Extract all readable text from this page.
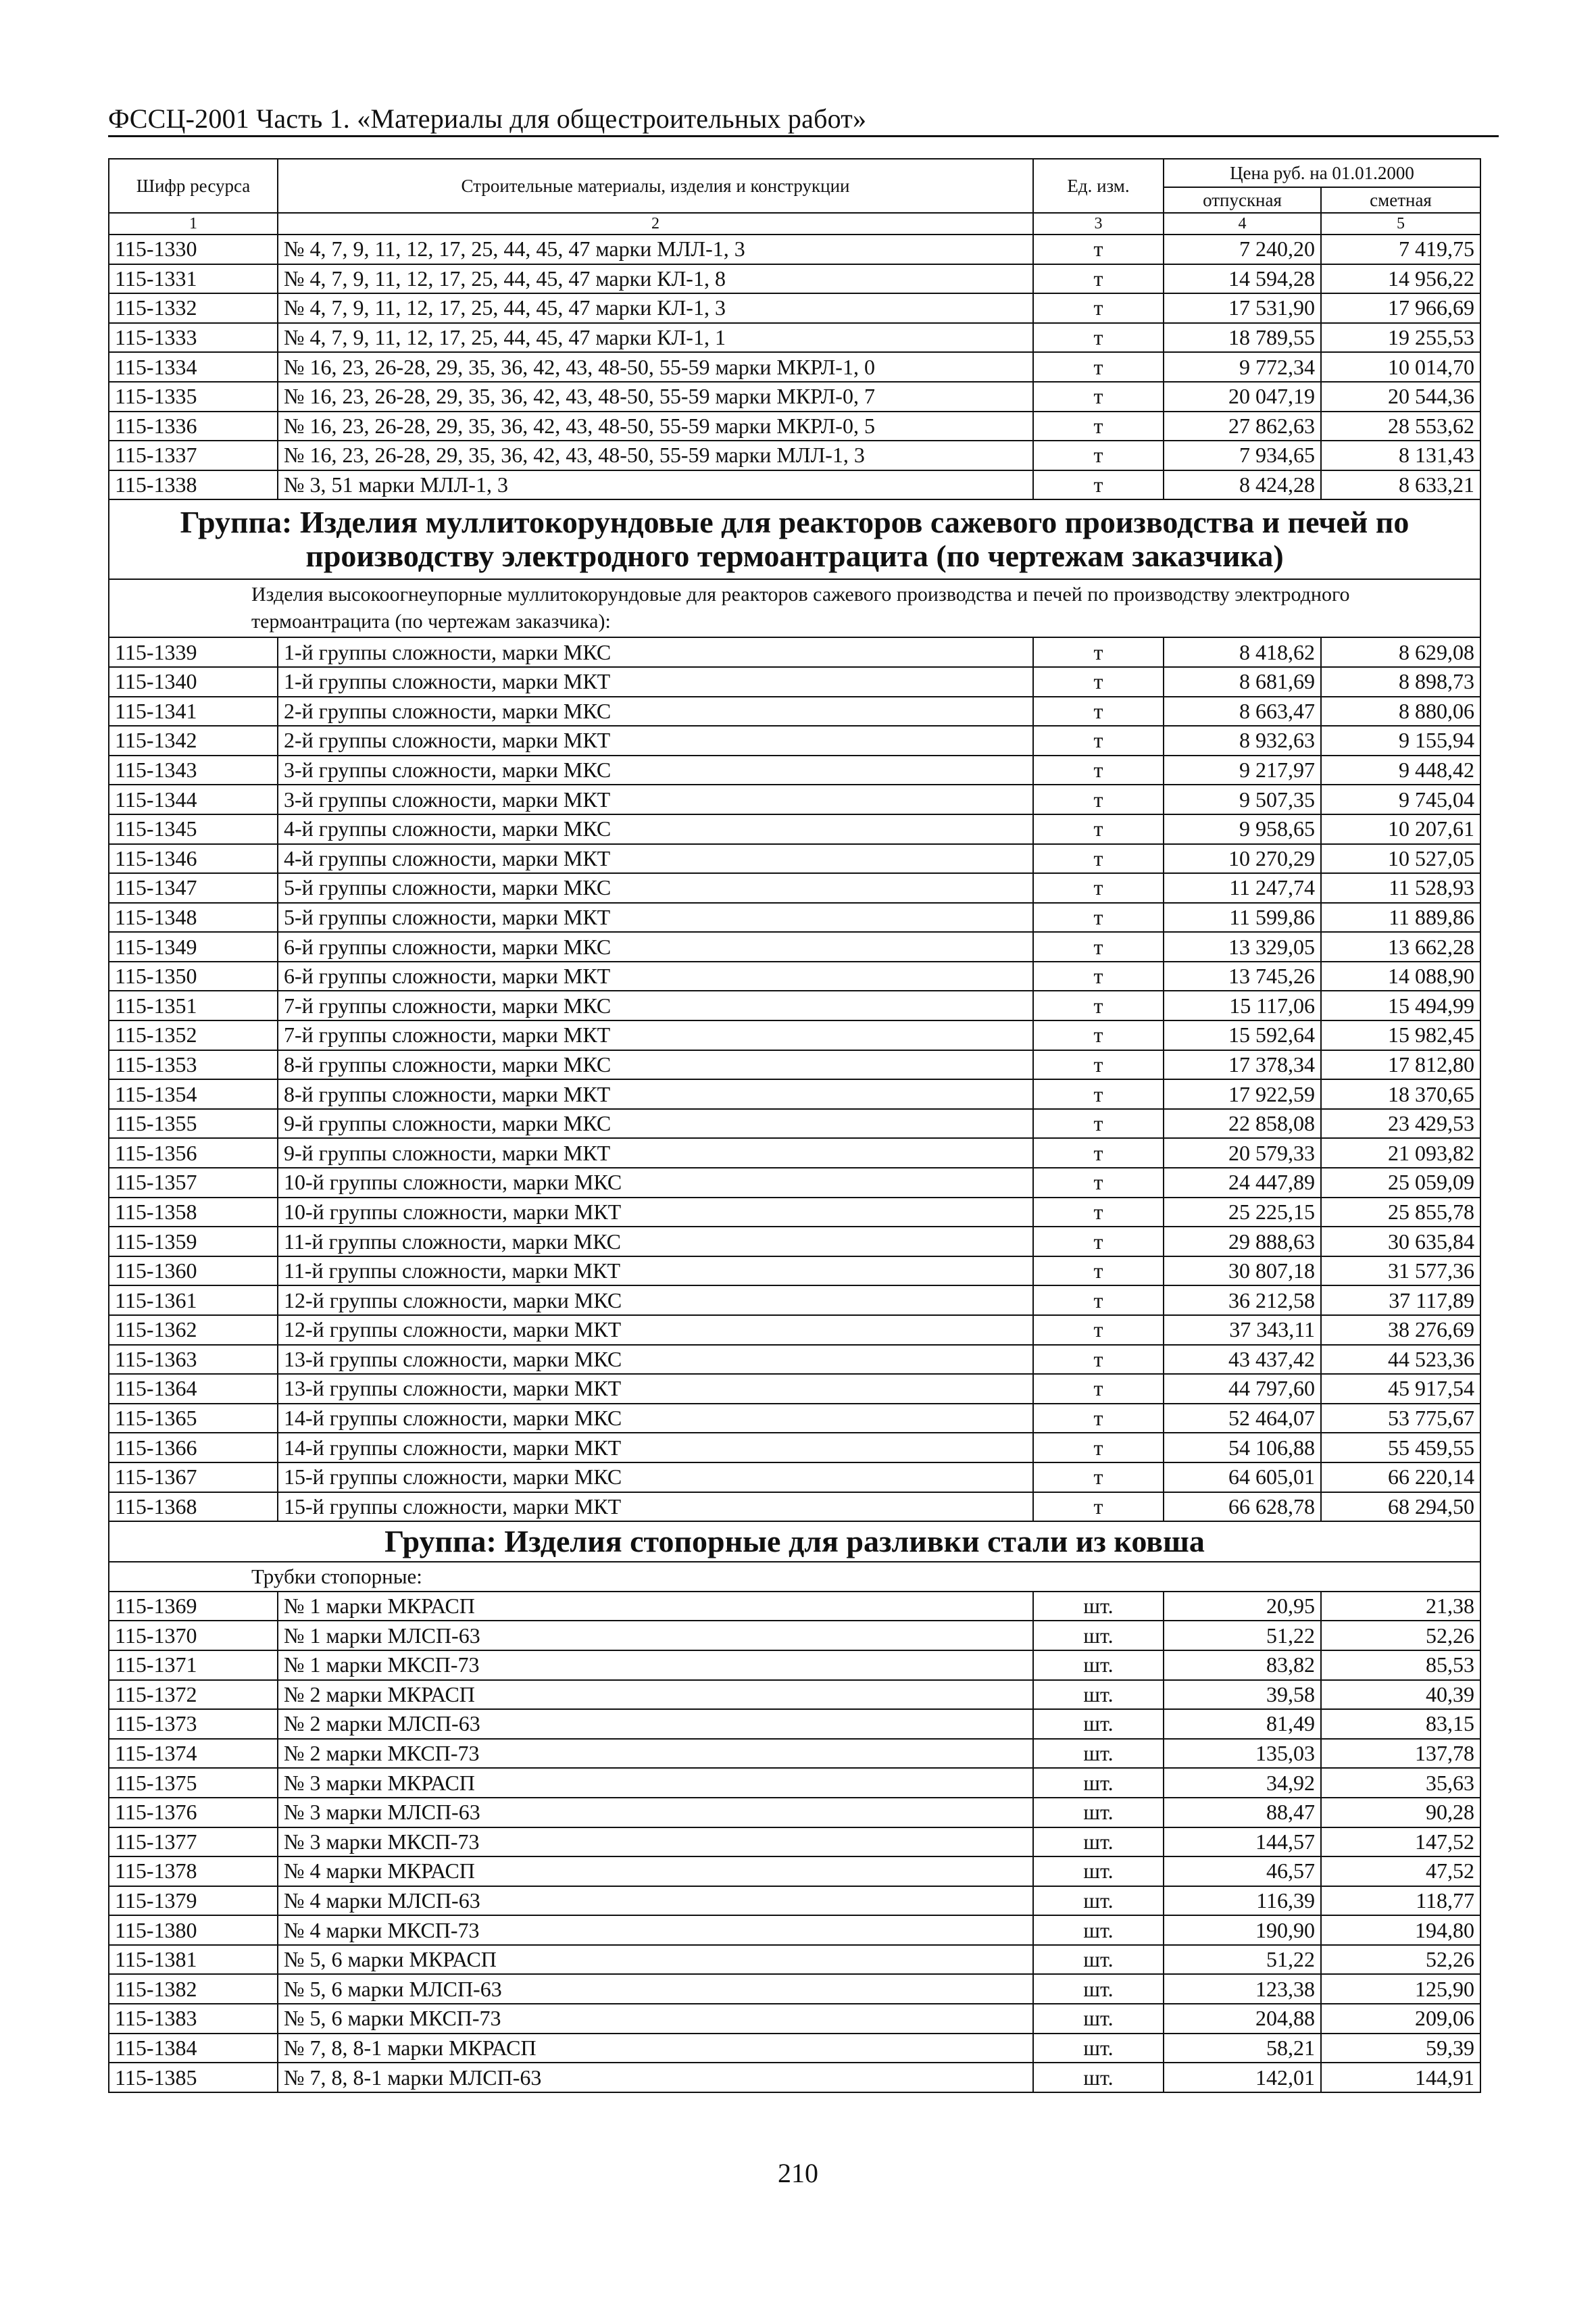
ФССЦ-2001 Часть 1. «Материалы для общестроительных работ»
Шифр ресурса	Строительные материалы, изделия и конструкции	Ед. изм.	Цена руб. на 01.01.2000	
			отпускная	сметная
1	2	3	4	5
115-1330	№ 4, 7, 9, 11, 12, 17, 25, 44, 45, 47 марки МЛЛ-1, 3	т	7 240,20	7 419,75
115-1331	№ 4, 7, 9, 11, 12, 17, 25, 44, 45, 47 марки КЛ-1, 8	т	14 594,28	14 956,22
115-1332	№ 4, 7, 9, 11, 12, 17, 25, 44, 45, 47 марки КЛ-1, 3	т	17 531,90	17 966,69
115-1333	№ 4, 7, 9, 11, 12, 17, 25, 44, 45, 47 марки КЛ-1, 1	т	18 789,55	19 255,53
115-1334	№ 16, 23, 26-28, 29, 35, 36, 42, 43, 48-50, 55-59 марки МКРЛ-1, 0	т	9 772,34	10 014,70
115-1335	№ 16, 23, 26-28, 29, 35, 36, 42, 43, 48-50, 55-59 марки МКРЛ-0, 7	т	20 047,19	20 544,36
115-1336	№ 16, 23, 26-28, 29, 35, 36, 42, 43, 48-50, 55-59 марки МКРЛ-0, 5	т	27 862,63	28 553,62
115-1337	№ 16, 23, 26-28, 29, 35, 36, 42, 43, 48-50, 55-59 марки МЛЛ-1, 3	т	7 934,65	8 131,43
115-1338	№ 3, 51 марки МЛЛ-1, 3	т	8 424,28	8 633,21
Группа: Изделия муллитокорундовые для реакторов сажевого производства и печей по производству электродного термоантрацита (по чертежам заказчика)				
Изделия высокоогнеупорные муллитокорундовые для реакторов сажевого производства и печей по производству электродного термоантрацита (по чертежам заказчика):				
115-1339	1-й группы сложности, марки МКС	т	8 418,62	8 629,08
115-1340	1-й группы сложности, марки МКТ	т	8 681,69	8 898,73
115-1341	2-й группы сложности, марки МКС	т	8 663,47	8 880,06
115-1342	2-й группы сложности, марки МКТ	т	8 932,63	9 155,94
115-1343	3-й группы сложности, марки МКС	т	9 217,97	9 448,42
115-1344	3-й группы сложности, марки МКТ	т	9 507,35	9 745,04
115-1345	4-й группы сложности, марки МКС	т	9 958,65	10 207,61
115-1346	4-й группы сложности, марки МКТ	т	10 270,29	10 527,05
115-1347	5-й группы сложности, марки МКС	т	11 247,74	11 528,93
115-1348	5-й группы сложности, марки МКТ	т	11 599,86	11 889,86
115-1349	6-й группы сложности, марки МКС	т	13 329,05	13 662,28
115-1350	6-й группы сложности, марки МКТ	т	13 745,26	14 088,90
115-1351	7-й группы сложности, марки МКС	т	15 117,06	15 494,99
115-1352	7-й группы сложности, марки МКТ	т	15 592,64	15 982,45
115-1353	8-й группы сложности, марки МКС	т	17 378,34	17 812,80
115-1354	8-й группы сложности, марки МКТ	т	17 922,59	18 370,65
115-1355	9-й группы сложности, марки МКС	т	22 858,08	23 429,53
115-1356	9-й группы сложности, марки МКТ	т	20 579,33	21 093,82
115-1357	10-й группы сложности, марки МКС	т	24 447,89	25 059,09
115-1358	10-й группы сложности, марки МКТ	т	25 225,15	25 855,78
115-1359	11-й группы сложности, марки МКС	т	29 888,63	30 635,84
115-1360	11-й группы сложности, марки МКТ	т	30 807,18	31 577,36
115-1361	12-й группы сложности, марки МКС	т	36 212,58	37 117,89
115-1362	12-й группы сложности, марки МКТ	т	37 343,11	38 276,69
115-1363	13-й группы сложности, марки МКС	т	43 437,42	44 523,36
115-1364	13-й группы сложности, марки МКТ	т	44 797,60	45 917,54
115-1365	14-й группы сложности, марки МКС	т	52 464,07	53 775,67
115-1366	14-й группы сложности, марки МКТ	т	54 106,88	55 459,55
115-1367	15-й группы сложности, марки МКС	т	64 605,01	66 220,14
115-1368	15-й группы сложности, марки МКТ	т	66 628,78	68 294,50
Группа: Изделия стопорные для разливки стали из ковша				
Трубки стопорные:				
115-1369	№ 1 марки МКРАСП	шт.	20,95	21,38
115-1370	№ 1 марки МЛСП-63	шт.	51,22	52,26
115-1371	№ 1 марки МКСП-73	шт.	83,82	85,53
115-1372	№ 2 марки МКРАСП	шт.	39,58	40,39
115-1373	№ 2 марки МЛСП-63	шт.	81,49	83,15
115-1374	№ 2 марки МКСП-73	шт.	135,03	137,78
115-1375	№ 3 марки МКРАСП	шт.	34,92	35,63
115-1376	№ 3 марки МЛСП-63	шт.	88,47	90,28
115-1377	№ 3 марки МКСП-73	шт.	144,57	147,52
115-1378	№ 4 марки МКРАСП	шт.	46,57	47,52
115-1379	№ 4 марки МЛСП-63	шт.	116,39	118,77
115-1380	№ 4 марки МКСП-73	шт.	190,90	194,80
115-1381	№ 5, 6 марки МКРАСП	шт.	51,22	52,26
115-1382	№ 5, 6 марки МЛСП-63	шт.	123,38	125,90
115-1383	№ 5, 6 марки МКСП-73	шт.	204,88	209,06
115-1384	№ 7, 8, 8-1 марки МКРАСП	шт.	58,21	59,39
115-1385	№ 7, 8, 8-1 марки МЛСП-63	шт.	142,01	144,91
210
